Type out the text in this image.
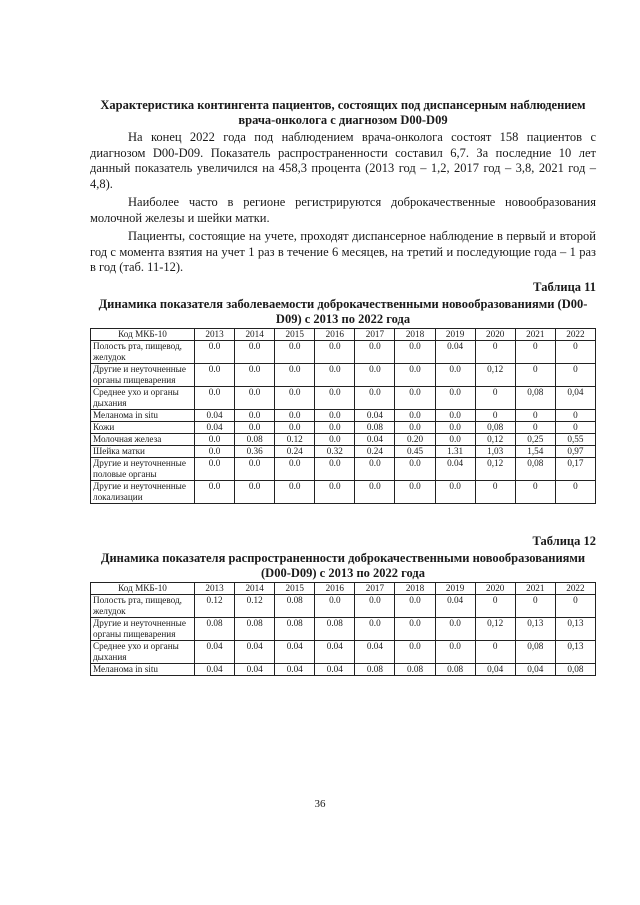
Характеристика контингента пациентов, состоящих под диспансерным наблюдением врача-онколога с диагнозом D00-D09

На конец 2022 года под наблюдением врача-онколога состоят 158 пациентов с диагнозом D00-D09. Показатель распространенности составил 6,7. За последние 10 лет данный показатель увеличился на 458,3 процента (2013 год – 1,2, 2017 год – 3,8, 2021 год – 4,8).

Наиболее часто в регионе регистрируются доброкачественные новообразования молочной железы и шейки матки.

Пациенты, состоящие на учете, проходят диспансерное наблюдение в первый и второй год с момента взятия на учет 1 раз в течение 6 месяцев, на третий и последующие года – 1 раз в год (таб. 11-12).

Таблица 11
Динамика показателя заболеваемости доброкачественными новообразованиями (D00-D09) с 2013 по 2022 года
Код МКБ-10	2013	2014	2015	2016	2017	2018	2019	2020	2021	2022
Полость рта, пищевод, желудок	0.0	0.0	0.0	0.0	0.0	0.0	0.04	0	0	0
Другие и неуточненные органы пищеварения	0.0	0.0	0.0	0.0	0.0	0.0	0.0	0,12	0	0
Среднее ухо и органы дыхания	0.0	0.0	0.0	0.0	0.0	0.0	0.0	0	0,08	0,04
Меланома in situ	0.04	0.0	0.0	0.0	0.04	0.0	0.0	0	0	0
Кожи	0.04	0.0	0.0	0.0	0.08	0.0	0.0	0,08	0	0
Молочная железа	0.0	0.08	0.12	0.0	0.04	0.20	0.0	0,12	0,25	0,55
Шейка матки	0.0	0.36	0.24	0.32	0.24	0.45	1.31	1,03	1,54	0,97
Другие и неуточненные половые органы	0.0	0.0	0.0	0.0	0.0	0.0	0.04	0,12	0,08	0,17
Другие и неуточненные локализации	0.0	0.0	0.0	0.0	0.0	0.0	0.0	0	0	0
Таблица 12
Динамика показателя распространенности доброкачественными новообразованиями (D00-D09) с 2013 по 2022 года
Код МКБ-10	2013	2014	2015	2016	2017	2018	2019	2020	2021	2022
Полость рта, пищевод, желудок	0.12	0.12	0.08	0.0	0.0	0.0	0.04	0	0	0
Другие и неуточненные органы пищеварения	0.08	0.08	0.08	0.08	0.0	0.0	0.0	0,12	0,13	0,13
Среднее ухо и органы дыхания	0.04	0.04	0.04	0.04	0.04	0.0	0.0	0	0,08	0,13
Меланома in situ	0.04	0.04	0.04	0.04	0.08	0.08	0.08	0,04	0,04	0,08
36
